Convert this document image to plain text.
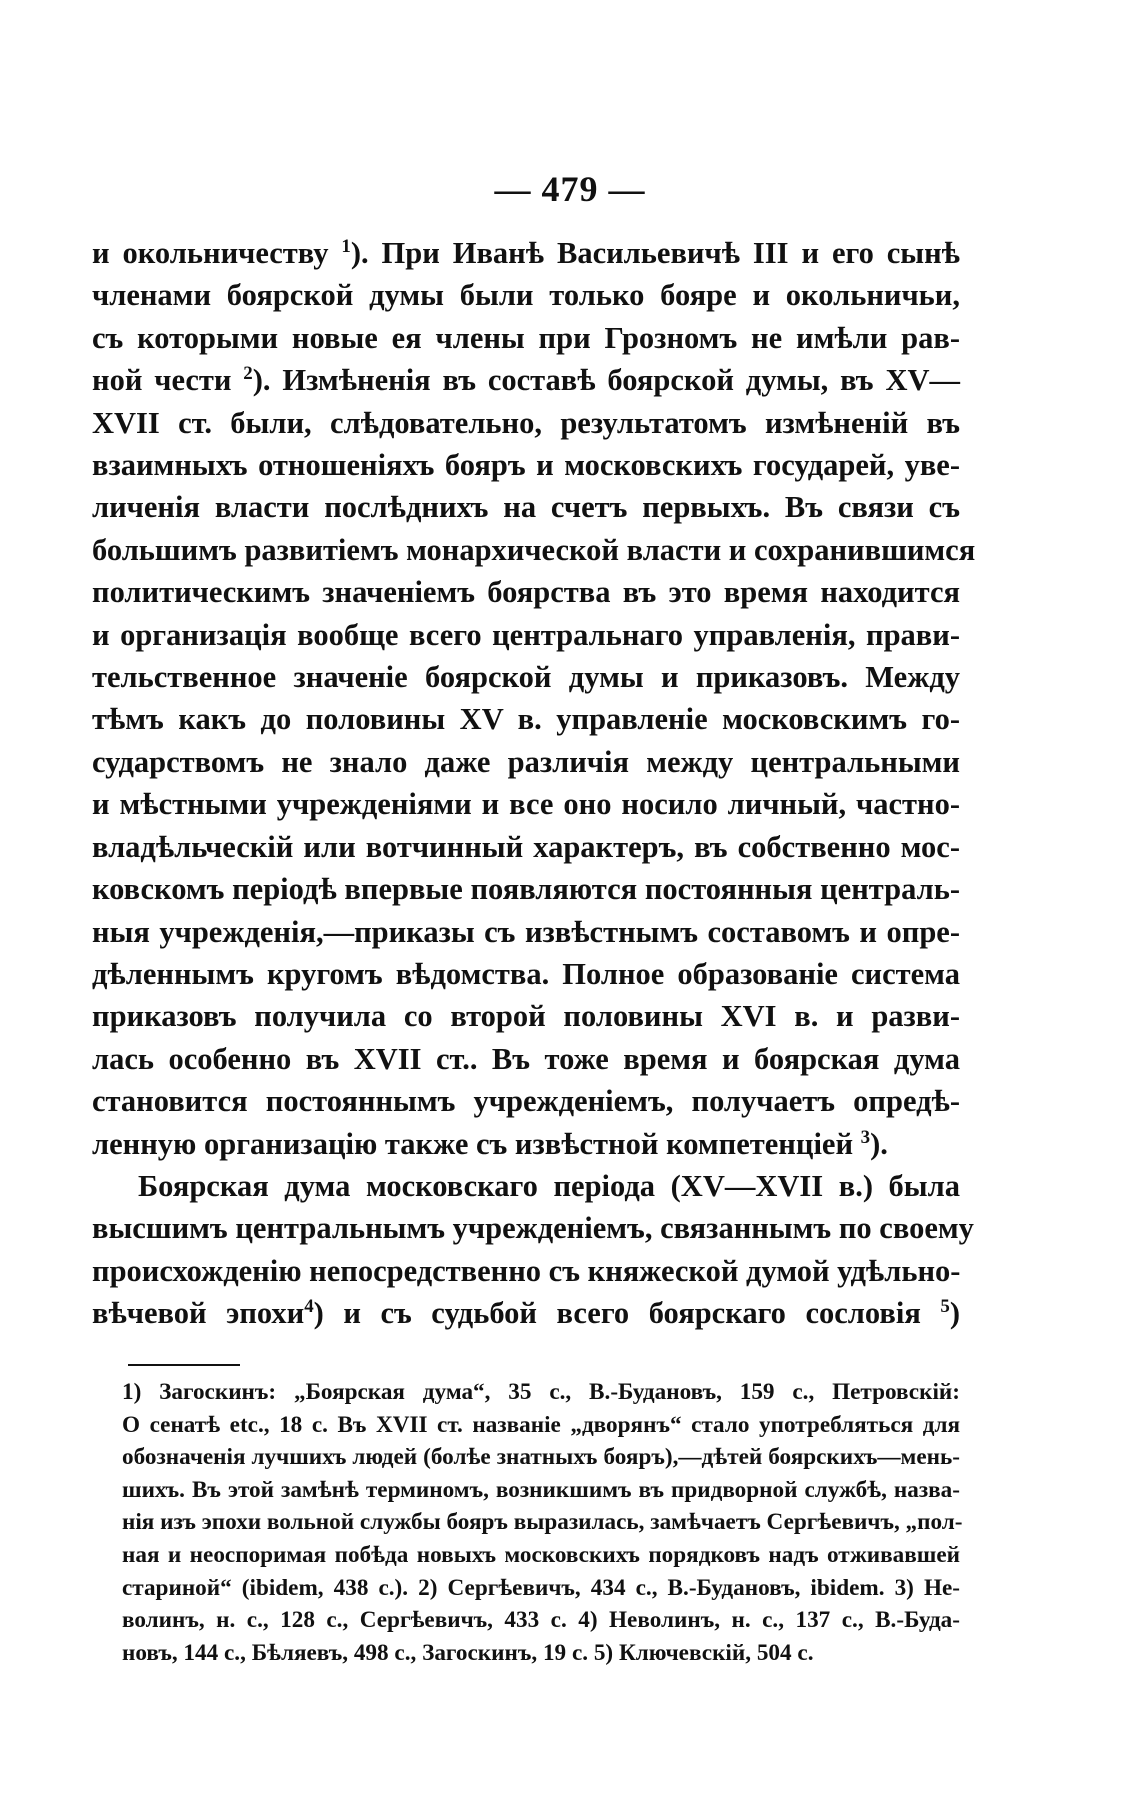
— 479 —
и окольничеству $^1$). При Иванѣ Васильевичѣ III и его сынѣ
членами боярской думы были только бояре и окольничьи,
съ которыми новые ея члены при Грозномъ не имѣли рав-
ной чести $^2$). Измѣненія въ составѣ боярской думы, въ XV—
XVII ст. были, слѣдовательно, результатомъ измѣненій въ
взаимныхъ отношеніяхъ бояръ и московскихъ государей, уве-
личенія власти послѣднихъ на счетъ первыхъ. Въ связи съ
большимъ развитіемъ монархической власти и сохранившимся
политическимъ значеніемъ боярства въ это время находится
и организація вообще всего центральнаго управленія, прави-
тельственное значеніе боярской думы и приказовъ. Между
тѣмъ какъ до половины XV в. управленіе московскимъ го-
сударствомъ не знало даже различія между центральными
и мѣстными учрежденіями и все оно носило личный, частно-
владѣльческій или вотчинный характеръ, въ собственно мос-
ковскомъ періодѣ впервые появляются постоянныя централь-
ныя учрежденія,—приказы съ извѣстнымъ составомъ и опре-
дѣленнымъ кругомъ вѣдомства. Полное образованіе система
приказовъ получила со второй половины XVI в. и разви-
лась особенно въ XVII ст.. Въ тоже время и боярская дума
становится постояннымъ учрежденіемъ, получаетъ опредѣ-
ленную организацію также съ извѣстной компетенціей $^3$).
Боярская дума московскаго періода (XV—XVII в.) была
высшимъ центральнымъ учрежденіемъ, связаннымъ по своему
происхожденію непосредственно съ княжеской думой удѣльно-
вѣчевой эпохи$^4$) и съ судьбой всего боярскаго сословія $^5$)
1) Загоскинъ: „Боярская дума“, 35 с., В.-Будановъ, 159 с., Петровскій:
О сенатѣ etc., 18 с. Въ XVII ст. названіе „дворянъ“ стало употребляться для
обозначенія лучшихъ людей (болѣе знатныхъ бояръ),—дѣтей боярскихъ—мень-
шихъ. Въ этой замѣнѣ терминомъ, возникшимъ въ придворной службѣ, назва-
нія изъ эпохи вольной службы бояръ выразилась, замѣчаетъ Сергѣевичъ, „пол-
ная и неоспоримая побѣда новыхъ московскихъ порядковъ надъ отживавшей
стариной“ (ibidem, 438 с.). 2) Сергѣевичъ, 434 с., В.-Будановъ, ibidem. 3) Не-
волинъ, н. с., 128 с., Сергѣевичъ, 433 с. 4) Неволинъ, н. с., 137 с., В.-Буда-
новъ, 144 с., Бѣляевъ, 498 с., Загоскинъ, 19 с. 5) Ключевскій, 504 с.
